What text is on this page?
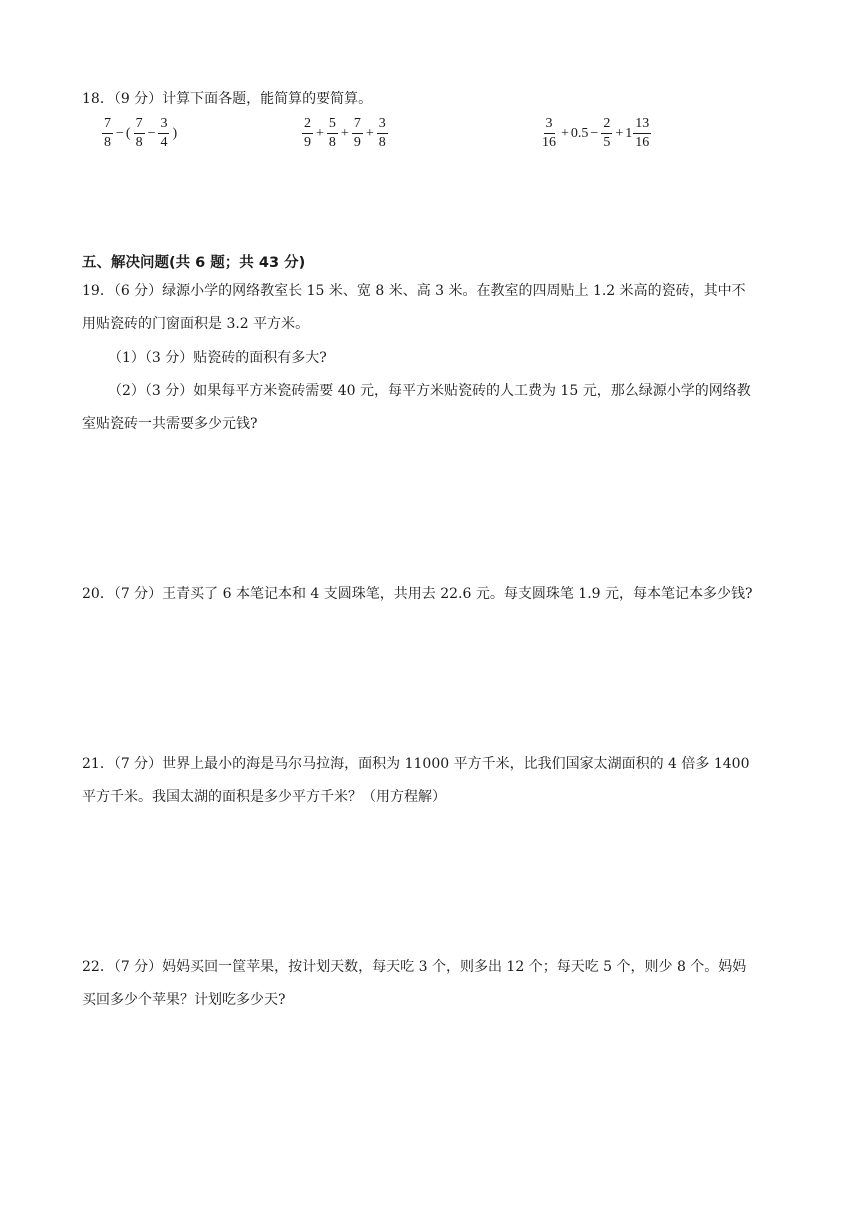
18．（9 分）计算下面各题，能简算的要简算。
$\frac{7}{8}$ − ( $\frac{7}{8} - \frac{3}{4}$ )	$\frac{2}{9} + \frac{5}{8} + \frac{7}{9} + \frac{3}{8}$	$\frac{3}{16} + 0.5 - \frac{2}{5} + 1 \frac{13}{16}$
五、解决问题(共 6 题；共 43 分)
19．（6 分）绿源小学的网络教室长 15 米、宽 8 米、高 3 米。在教室的四周贴上 1.2 米高的瓷砖，其中不
用贴瓷砖的门窗面积是 3.2 平方米。
（1）（3 分）贴瓷砖的面积有多大?
（2）（3 分）如果每平方米瓷砖需要 40 元，每平方米贴瓷砖的人工费为 15 元，那么绿源小学的网络教
室贴瓷砖一共需要多少元钱?
20．（7 分）王青买了 6 本笔记本和 4 支圆珠笔，共用去 22.6 元。每支圆珠笔 1.9 元，每本笔记本多少钱?
21．（7 分）世界上最小的海是马尔马拉海，面积为 11000 平方千米，比我们国家太湖面积的 4 倍多 1400
平方千米。我国太湖的面积是多少平方千米？（用方程解）
22．（7 分）妈妈买回一筐苹果，按计划天数，每天吃 3 个，则多出 12 个；每天吃 5 个，则少 8 个。妈妈
买回多少个苹果？计划吃多少天?
